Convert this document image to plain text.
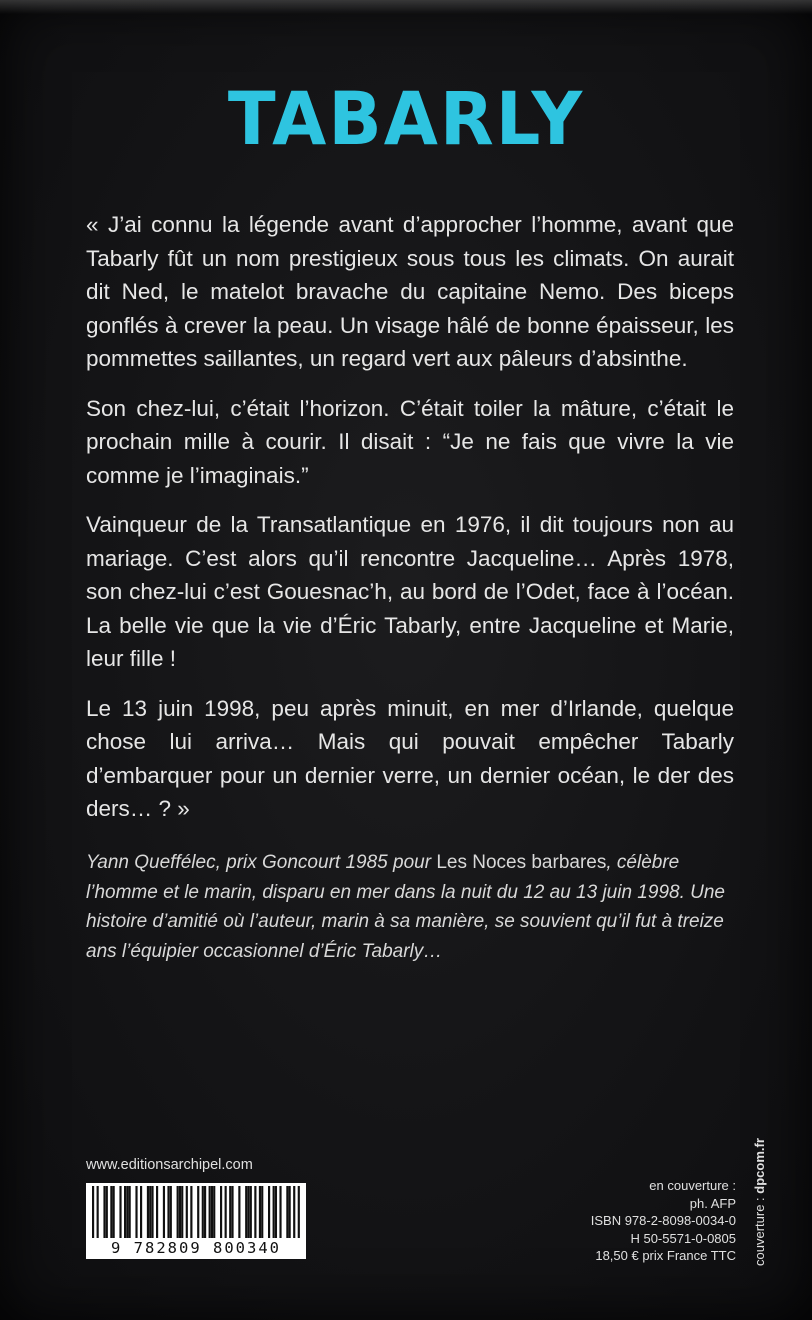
TABARLY

« J’ai connu la légende avant d’approcher l’homme, avant que Tabarly fût un nom prestigieux sous tous les climats. On aurait dit Ned, le matelot bravache du capitaine Nemo. Des biceps gonflés à crever la peau. Un visage hâlé de bonne épaisseur, les pommettes saillantes, un regard vert aux pâleurs d’absinthe.

Son chez-lui, c’était l’horizon. C’était toiler la mâture, c’était le prochain mille à courir. Il disait : “Je ne fais que vivre la vie comme je l’imaginais.”

Vainqueur de la Transatlantique en 1976, il dit toujours non au mariage. C’est alors qu’il rencontre Jacqueline… Après 1978, son chez-lui c’est Gouesnac’h, au bord de l’Odet, face à l’océan. La belle vie que la vie d’Éric Tabarly, entre Jacqueline et Marie, leur fille !

Le 13 juin 1998, peu après minuit, en mer d’Irlande, quelque chose lui arriva… Mais qui pouvait empêcher Tabarly d’embarquer pour un dernier verre, un dernier océan, le der des ders… ? »

Yann Queffélec, prix Goncourt 1985 pour Les Noces barbares, célèbre l’homme et le marin, disparu en mer dans la nuit du 12 au 13 juin 1998. Une histoire d’amitié où l’auteur, marin à sa manière, se souvient qu’il fut à treize ans l’équipier occasionnel d’Éric Tabarly…
www.editionsarchipel.com
9 782809 800340
en couverture :
ph. AFP
ISBN 978-2-8098-0034-0
H 50-5571-0-0805
18,50 € prix France TTC couverture : dpcom.fr
